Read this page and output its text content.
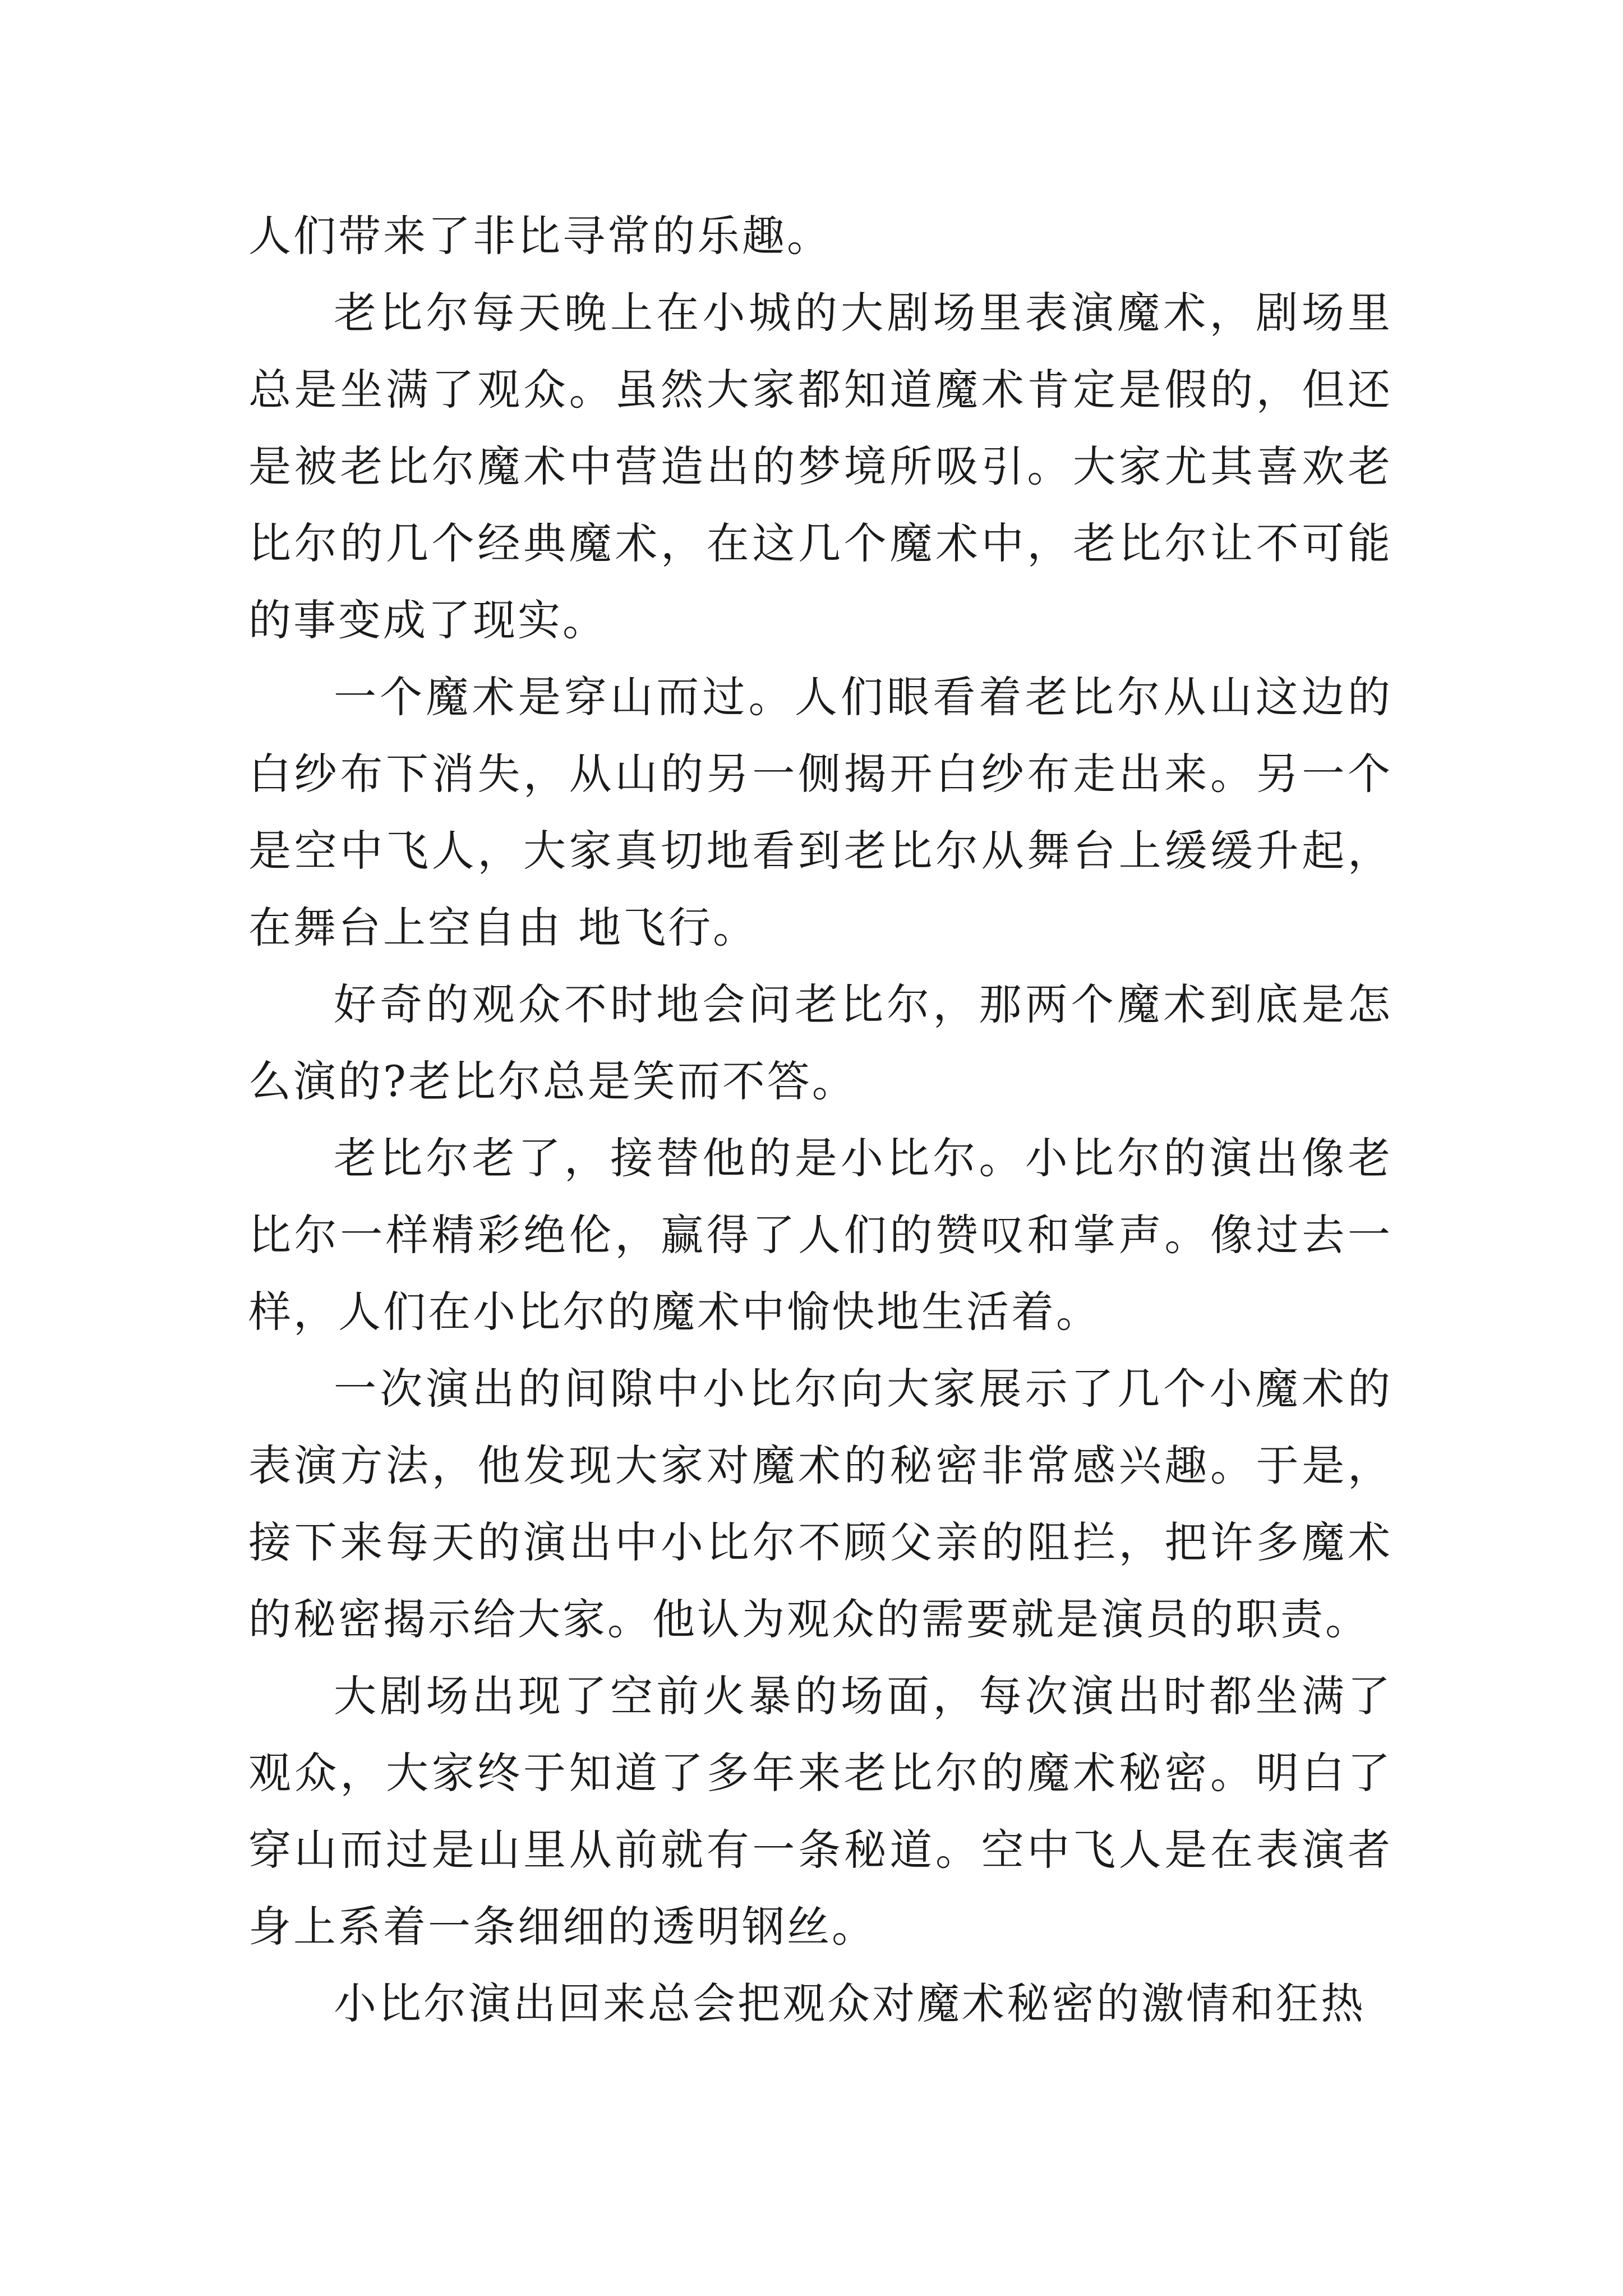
人们带来了非比寻常的乐趣。

老比尔每天晚上在小城的大剧场里表演魔术，剧场里总是坐满了观众。虽然大家都知道魔术肯定是假的，但还是被老比尔魔术中营造出的梦境所吸引。大家尤其喜欢老比尔的几个经典魔术，在这几个魔术中，老比尔让不可能的事变成了现实。

一个魔术是穿山而过。人们眼看着老比尔从山这边的白纱布下消失，从山的另一侧揭开白纱布走出来。另一个是空中飞人，大家真切地看到老比尔从舞台上缓缓升起，在舞台上空自由 地飞行。

好奇的观众不时地会问老比尔，那两个魔术到底是怎么演的?老比尔总是笑而不答。

老比尔老了，接替他的是小比尔。小比尔的演出像老比尔一样精彩绝伦，赢得了人们的赞叹和掌声。像过去一样，人们在小比尔的魔术中愉快地生活着。

一次演出的间隙中小比尔向大家展示了几个小魔术的表演方法，他发现大家对魔术的秘密非常感兴趣。于是，接下来每天的演出中小比尔不顾父亲的阻拦，把许多魔术的秘密揭示给大家。他认为观众的需要就是演员的职责。

大剧场出现了空前火暴的场面，每次演出时都坐满了观众，大家终于知道了多年来老比尔的魔术秘密。明白了穿山而过是山里从前就有一条秘道。空中飞人是在表演者身上系着一条细细的透明钢丝。

小比尔演出回来总会把观众对魔术秘密的激情和狂热
